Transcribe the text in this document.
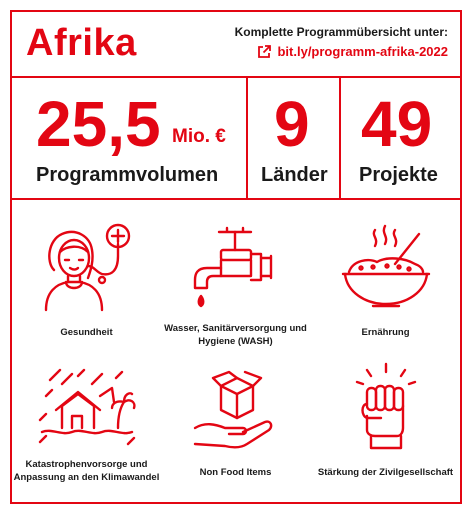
Afrika	Komplette Programmübersicht unter:
bit.ly/programm-afrika-2022
25,5 Mio. €
Programmvolumen
9
Länder
49
Projekte
Gesundheit	Wasser, Sanitärversorgung und Hygiene (WASH)
Ernährung
Katastrophenvorsorge und Anpassung an den Klimawandel	Non Food Items	Stärkung der Zivilgesellschaft
